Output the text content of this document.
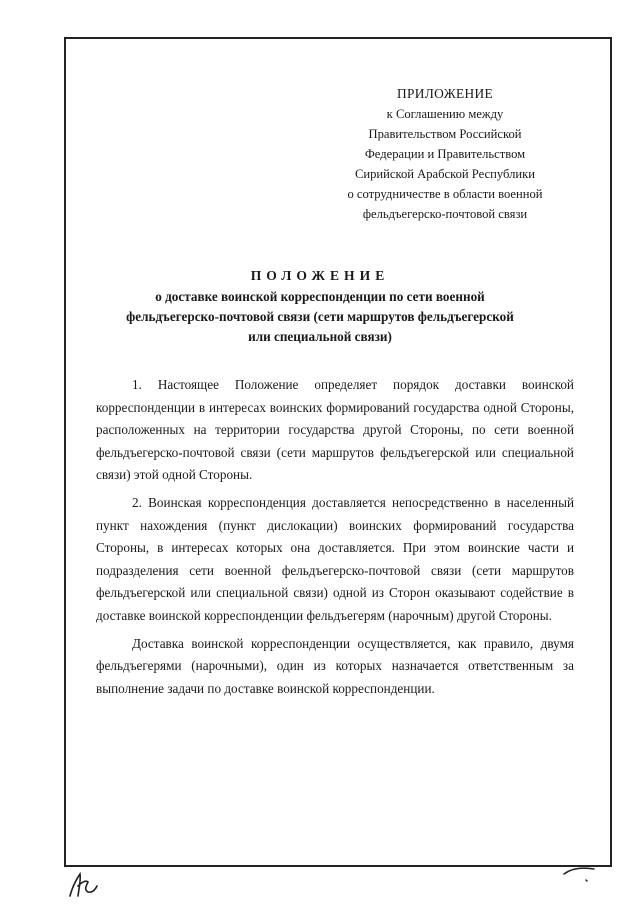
ПРИЛОЖЕНИЕ
к Соглашению между
Правительством Российской
Федерации и Правительством
Сирийской Арабской Республики
о сотрудничестве в области военной
фельдъегерско-почтовой связи
ПОЛОЖЕНИЕ
о доставке воинской корреспонденции по сети военной
фельдъегерско-почтовой связи (сети маршрутов фельдъегерской
или специальной связи)

1. Настоящее Положение определяет порядок доставки воинской корреспонденции в интересах воинских формирований государства одной Стороны, расположенных на территории государства другой Стороны, по сети военной фельдъегерско-почтовой связи (сети маршрутов фельдъегерской или специальной связи) этой одной Стороны.

2. Воинская корреспонденция доставляется непосредственно в населенный пункт нахождения (пункт дислокации) воинских формирований государства Стороны, в интересах которых она доставляется. При этом воинские части и подразделения сети военной фельдъегерско-почтовой связи (сети маршрутов фельдъегерской или специальной связи) одной из Сторон оказывают содействие в доставке воинской корреспонденции фельдъегерям (нарочным) другой Стороны.

Доставка воинской корреспонденции осуществляется, как правило, двумя фельдъегерями (нарочными), один из которых назначается ответственным за выполнение задачи по доставке воинской корреспонденции.
